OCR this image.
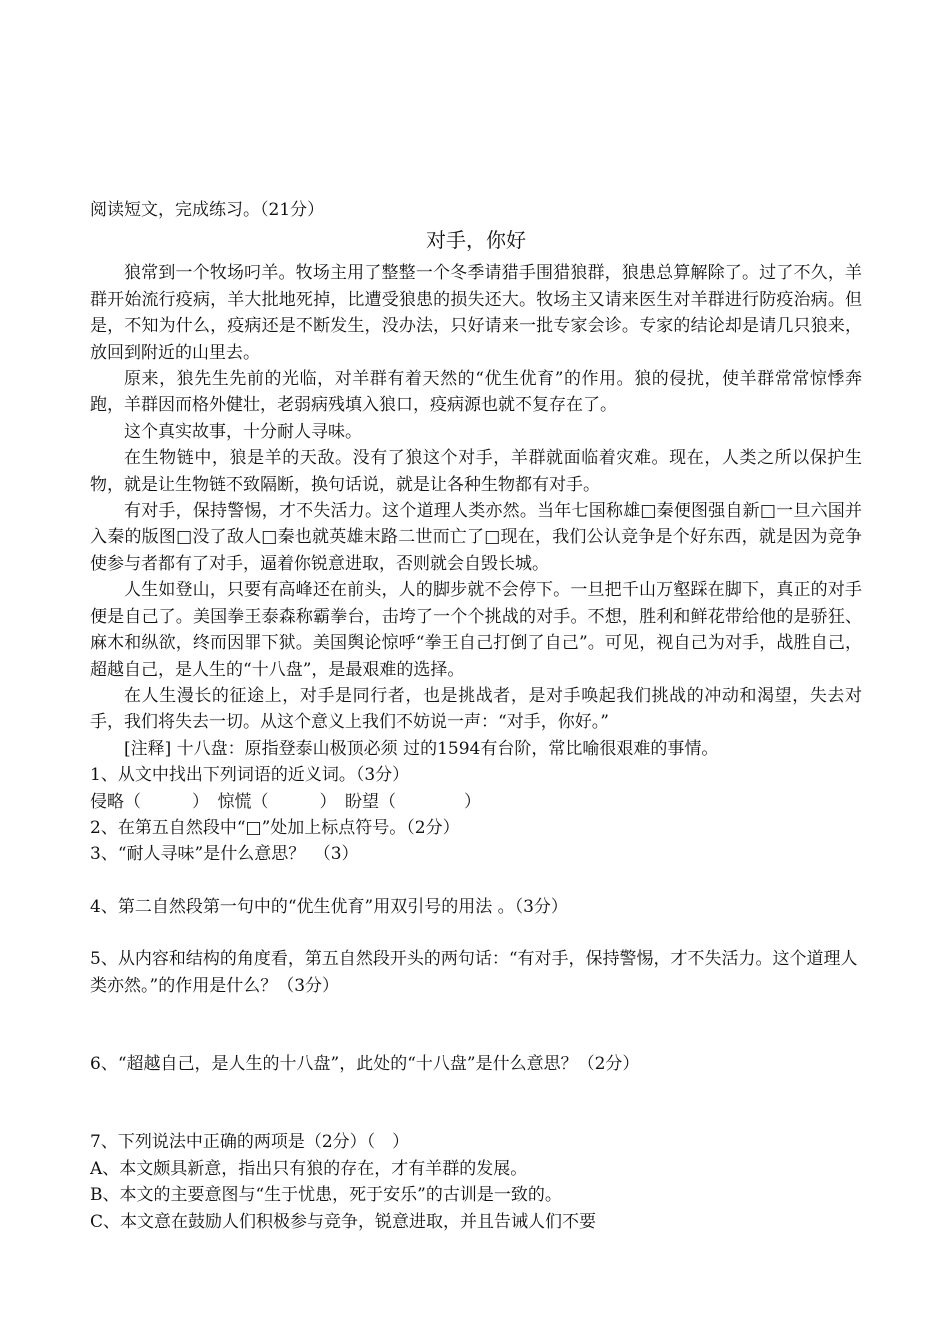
阅读短文，完成练习。（21分）
对手，你好
狼常到一个牧场叼羊。牧场主用了整整一个冬季请猎手围猎狼群，狼患总算解除了。过了不久，羊群开始流行疫病，羊大批地死掉，比遭受狼患的损失还大。牧场主又请来医生对羊群进行防疫治病。但是，不知为什么，疫病还是不断发生，没办法，只好请来一批专家会诊。专家的结论却是请几只狼来，放回到附近的山里去。
原来，狼先生先前的光临，对羊群有着天然的“优生优育”的作用。狼的侵扰，使羊群常常惊悸奔跑，羊群因而格外健壮，老弱病残填入狼口，疫病源也就不复存在了。
这个真实故事，十分耐人寻味。
在生物链中，狼是羊的天敌。没有了狼这个对手，羊群就面临着灾难。现在，人类之所以保护生物，就是让生物链不致隔断，换句话说，就是让各种生物都有对手。
有对手，保持警惕，才不失活力。这个道理人类亦然。当年七国称雄□秦便图强自新□一旦六国并入秦的版图□没了敌人□秦也就英雄末路二世而亡了□现在，我们公认竞争是个好东西，就是因为竞争使参与者都有了对手，逼着你锐意进取，否则就会自毁长城。
人生如登山，只要有高峰还在前头，人的脚步就不会停下。一旦把千山万壑踩在脚下，真正的对手便是自己了。美国拳王泰森称霸拳台，击垮了一个个挑战的对手。不想，胜利和鲜花带给他的是骄狂、麻木和纵欲，终而因罪下狱。美国舆论惊呼“拳王自己打倒了自己”。可见，视自己为对手，战胜自己，超越自己，是人生的“十八盘”，是最艰难的选择。
在人生漫长的征途上，对手是同行者，也是挑战者，是对手唤起我们挑战的冲动和渴望，失去对手，我们将失去一切。从这个意义上我们不妨说一声：“对手，你好。”
[注释] 十八盘：原指登泰山极顶必须 过的1594有台阶，常比喻很艰难的事情。
1、从文中找出下列词语的近义词。（3分）
侵略（　　　）　惊慌（　　　）　盼望（　　　　）
2、在第五自然段中“□”处加上标点符号。（2分）
3、“耐人寻味”是什么意思？　（3）
4、第二自然段第一句中的“优生优育”用双引号的用法 。（3分）
5、从内容和结构的角度看，第五自然段开头的两句话：“有对手，保持警惕，才不失活力。这个道理人类亦然。”的作用是什么？（3分）
6、“超越自己，是人生的十八盘”，此处的“十八盘”是什么意思？（2分）
7、下列说法中正确的两项是（2分）（　）
A、本文颇具新意，指出只有狼的存在，才有羊群的发展。
B、本文的主要意图与“生于忧患，死于安乐”的古训是一致的。
C、本文意在鼓励人们积极参与竞争，锐意进取，并且告诫人们不要
